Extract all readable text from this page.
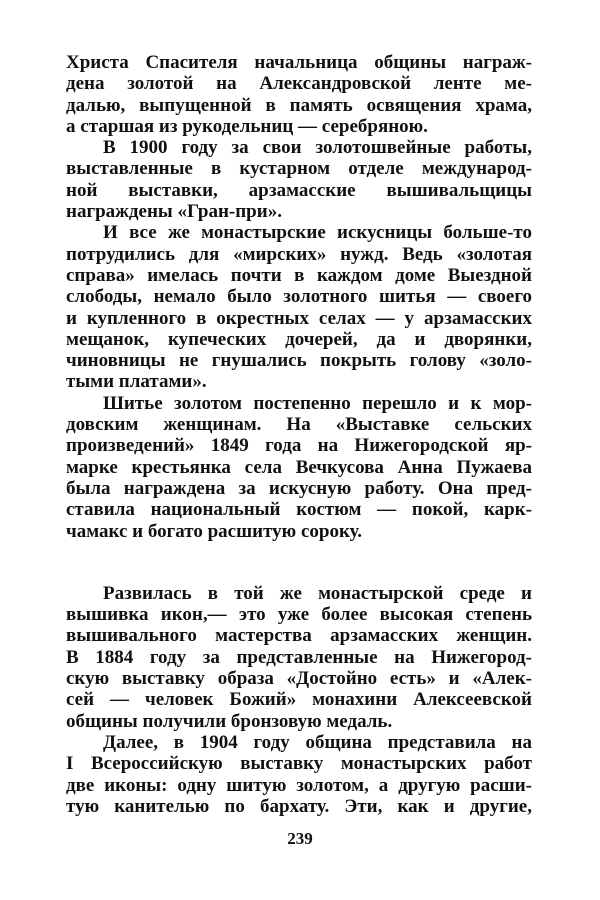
Христа Спасителя начальница общины награж-
дена золотой на Александровской ленте ме-
далью, выпущенной в память освящения храма,
а старшая из рукодельниц — серебряною.
В 1900 году за свои золотошвейные работы,
выставленные в кустарном отделе международ-
ной выставки, арзамасские вышивальщицы
награждены «Гран-при».
И все же монастырские искусницы больше-то
потрудились для «мирских» нужд. Ведь «золотая
справа» имелась почти в каждом доме Выездной
слободы, немало было золотного шитья — своего
и купленного в окрестных селах — у арзамасских
мещанок, купеческих дочерей, да и дворянки,
чиновницы не гнушались покрыть голову «золо-
тыми платами».
Шитье золотом постепенно перешло и к мор-
довским женщинам. На «Выставке сельских
произведений» 1849 года на Нижегородской яр-
марке крестьянка села Вечкусова Анна Пужаева
была награждена за искусную работу. Она пред-
ставила национальный костюм — покой, карк-
чамакс и богато расшитую сороку.
Развилась в той же монастырской среде и
вышивка икон,— это уже более высокая степень
вышивального мастерства арзамасских женщин.
В 1884 году за представленные на Нижегород-
скую выставку образа «Достойно есть» и «Алек-
сей — человек Божий» монахини Алексеевской
общины получили бронзовую медаль.
Далее, в 1904 году община представила на
I Всероссийскую выставку монастырских работ
две иконы: одну шитую золотом, а другую расши-
тую канителью по бархату. Эти, как и другие,
239
